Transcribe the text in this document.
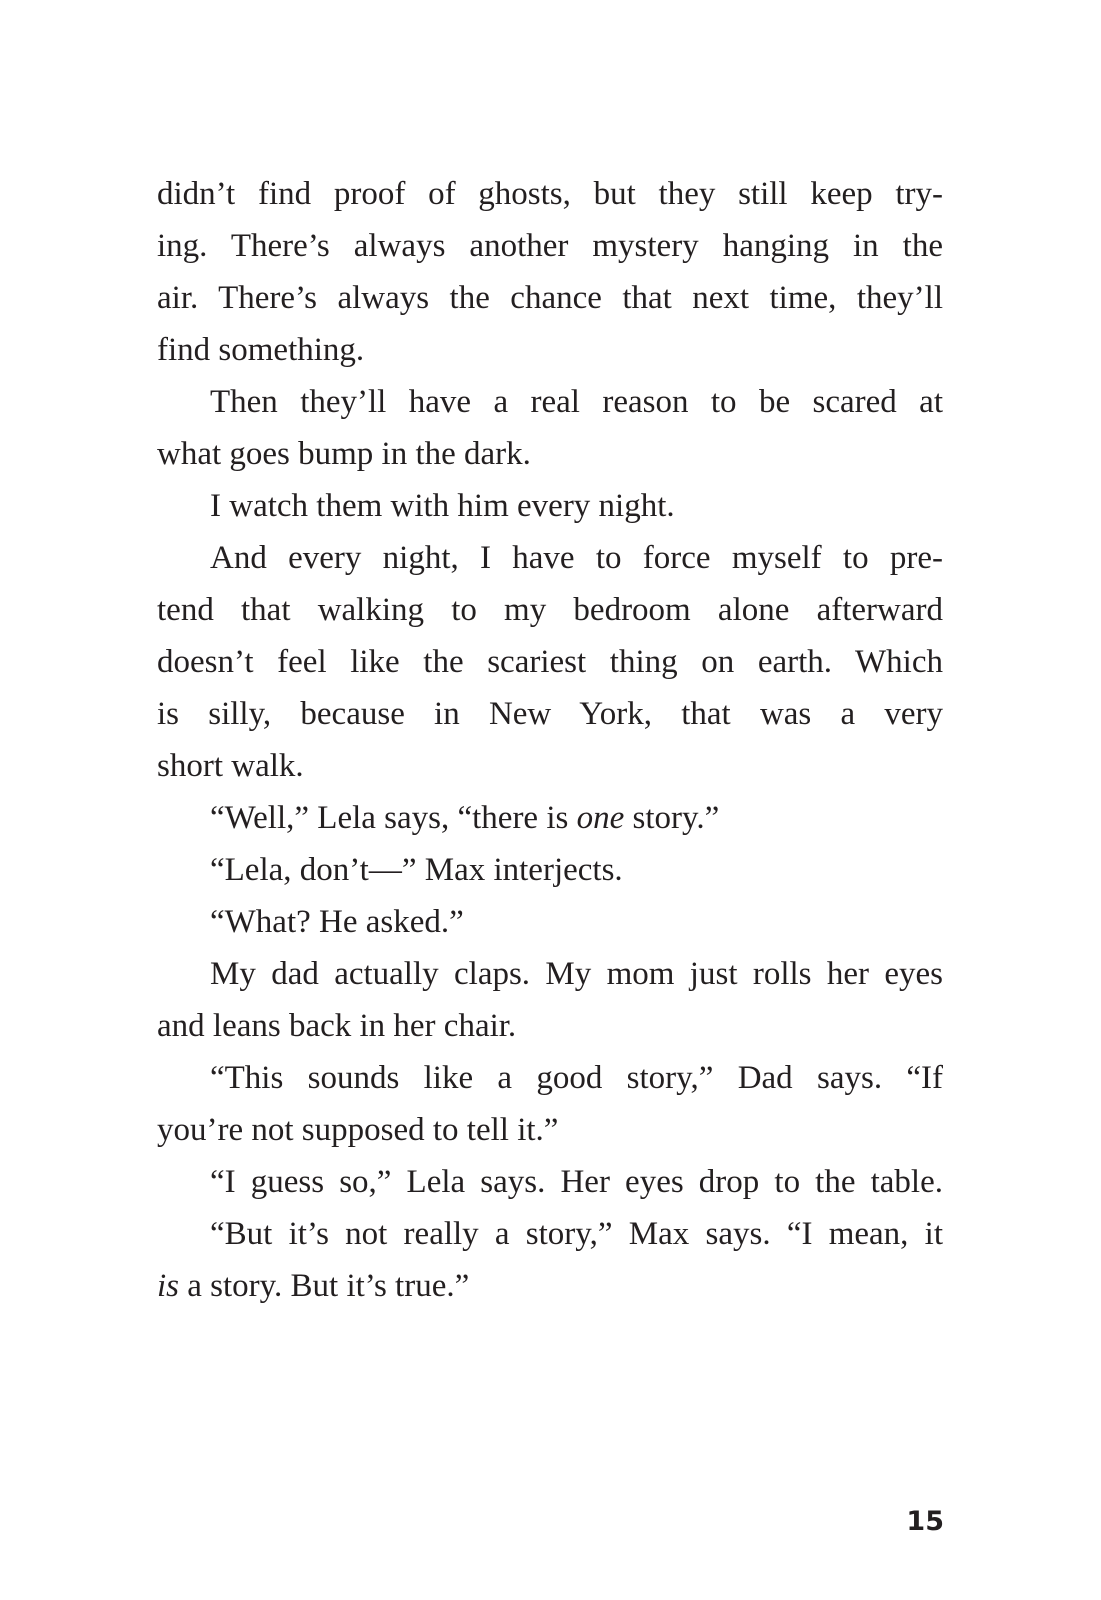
didn’t find proof of ghosts, but they still keep try-
ing. There’s always another mystery hanging in the
air. There’s always the chance that next time, they’ll
find something.
Then they’ll have a real reason to be scared at
what goes bump in the dark.
I watch them with him every night.
And every night, I have to force myself to pre-
tend that walking to my bedroom alone afterward
doesn’t feel like the scariest thing on earth. Which
is silly, because in New York, that was a very
short walk.
“Well,” Lela says, “there is one story.”
“Lela, don’t—” Max interjects.
“What? He asked.”
My dad actually claps. My mom just rolls her eyes
and leans back in her chair.
“This sounds like a good story,” Dad says. “If
you’re not supposed to tell it.”
“I guess so,” Lela says. Her eyes drop to the table.
“But it’s not really a story,” Max says. “I mean, it
is a story. But it’s true.”
15
